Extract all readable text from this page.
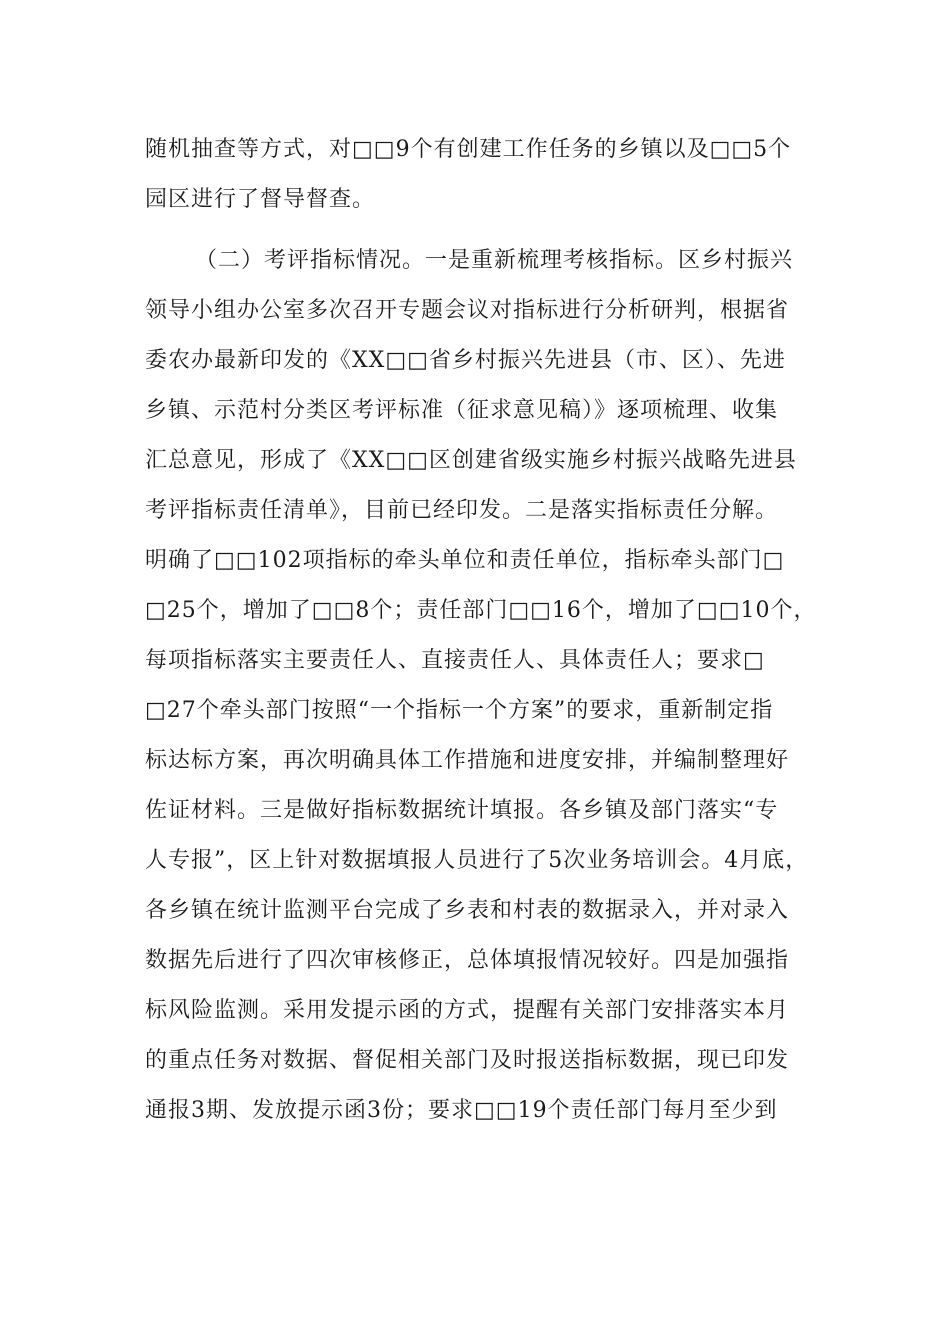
随机抽查等方式，对□□9个有创建工作任务的乡镇以及□□5个
园区进行了督导督查。
（二）考评指标情况。一是重新梳理考核指标。区乡村振兴
领导小组办公室多次召开专题会议对指标进行分析研判，根据省
委农办最新印发的《XX□□省乡村振兴先进县（市、区）、先进
乡镇、示范村分类区考评标准（征求意见稿）》逐项梳理、收集
汇总意见，形成了《XX□□区创建省级实施乡村振兴战略先进县
考评指标责任清单》，目前已经印发。二是落实指标责任分解。
明确了□□102项指标的牵头单位和责任单位，指标牵头部门□
□25个，增加了□□8个；责任部门□□16个，增加了□□10个，
每项指标落实主要责任人、直接责任人、具体责任人；要求□
□27个牵头部门按照“一个指标一个方案”的要求，重新制定指
标达标方案，再次明确具体工作措施和进度安排，并编制整理好
佐证材料。三是做好指标数据统计填报。各乡镇及部门落实“专
人专报”，区上针对数据填报人员进行了5次业务培训会。4月底，
各乡镇在统计监测平台完成了乡表和村表的数据录入，并对录入
数据先后进行了四次审核修正，总体填报情况较好。四是加强指
标风险监测。采用发提示函的方式，提醒有关部门安排落实本月
的重点任务对数据、督促相关部门及时报送指标数据，现已印发
通报3期、发放提示函3份；要求□□19个责任部门每月至少到
